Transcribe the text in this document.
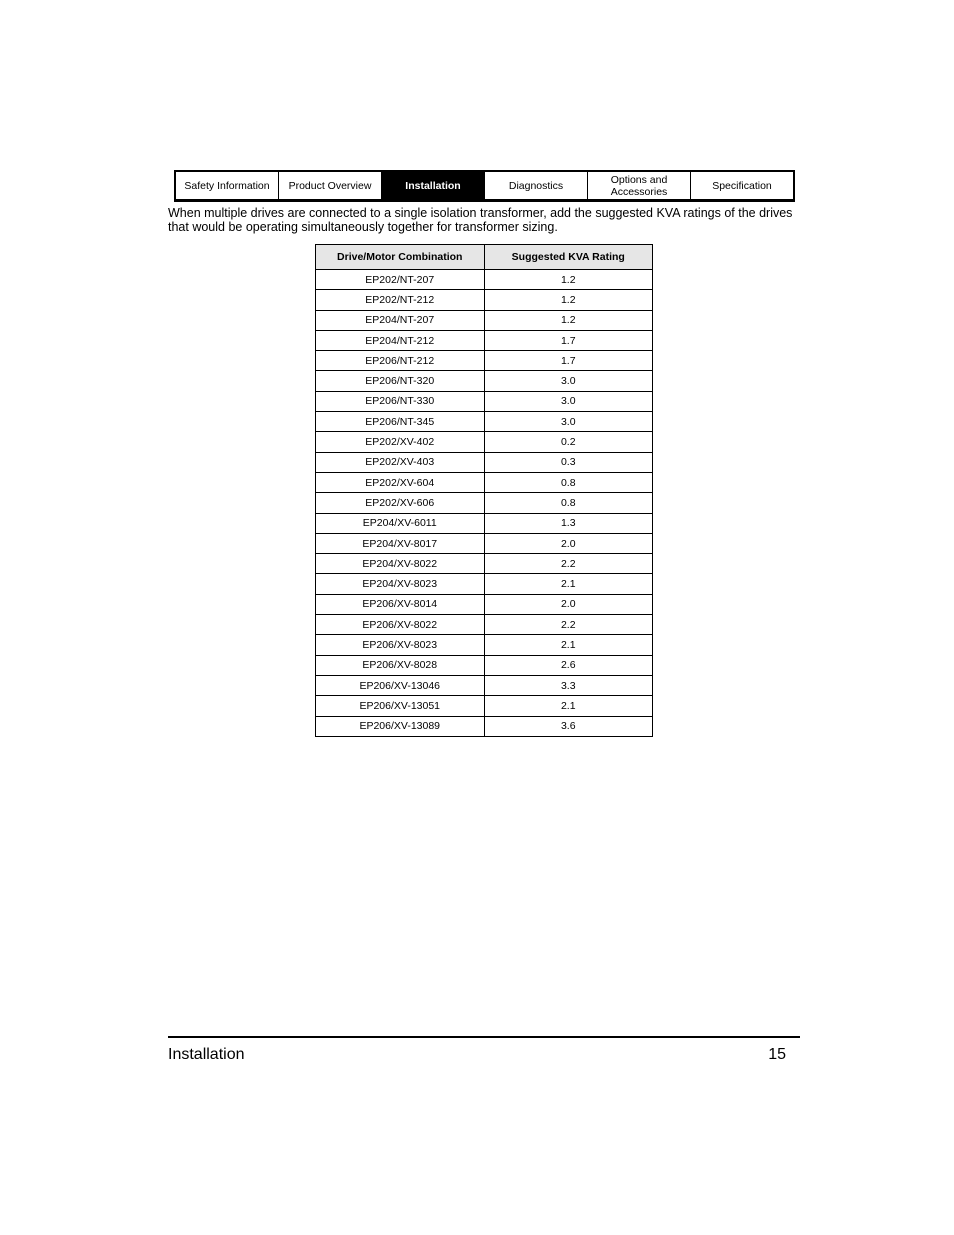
Safety Information Product Overview	Installation	Diagnostics	Options and Accessories	Specification

When multiple drives are connected to a single isolation transformer, add the suggested KVA ratings of the drives that would be operating simultaneously together for transformer sizing.

Drive/Motor Combination	Suggested KVA Rating
EP202/NT-207	1.2
EP202/NT-212	1.2
EP204/NT-207	1.2
EP204/NT-212	1.7
EP206/NT-212	1.7
EP206/NT-320	3.0
EP206/NT-330	3.0
EP206/NT-345	3.0
EP202/XV-402	0.2
EP202/XV-403	0.3
EP202/XV-604	0.8
EP202/XV-606	0.8
EP204/XV-6011	1.3
EP204/XV-8017	2.0
EP204/XV-8022	2.2
EP204/XV-8023	2.1
EP206/XV-8014	2.0
EP206/XV-8022	2.2
EP206/XV-8023	2.1
EP206/XV-8028	2.6
EP206/XV-13046	3.3
EP206/XV-13051	2.1
EP206/XV-13089	3.6
Installation	15
